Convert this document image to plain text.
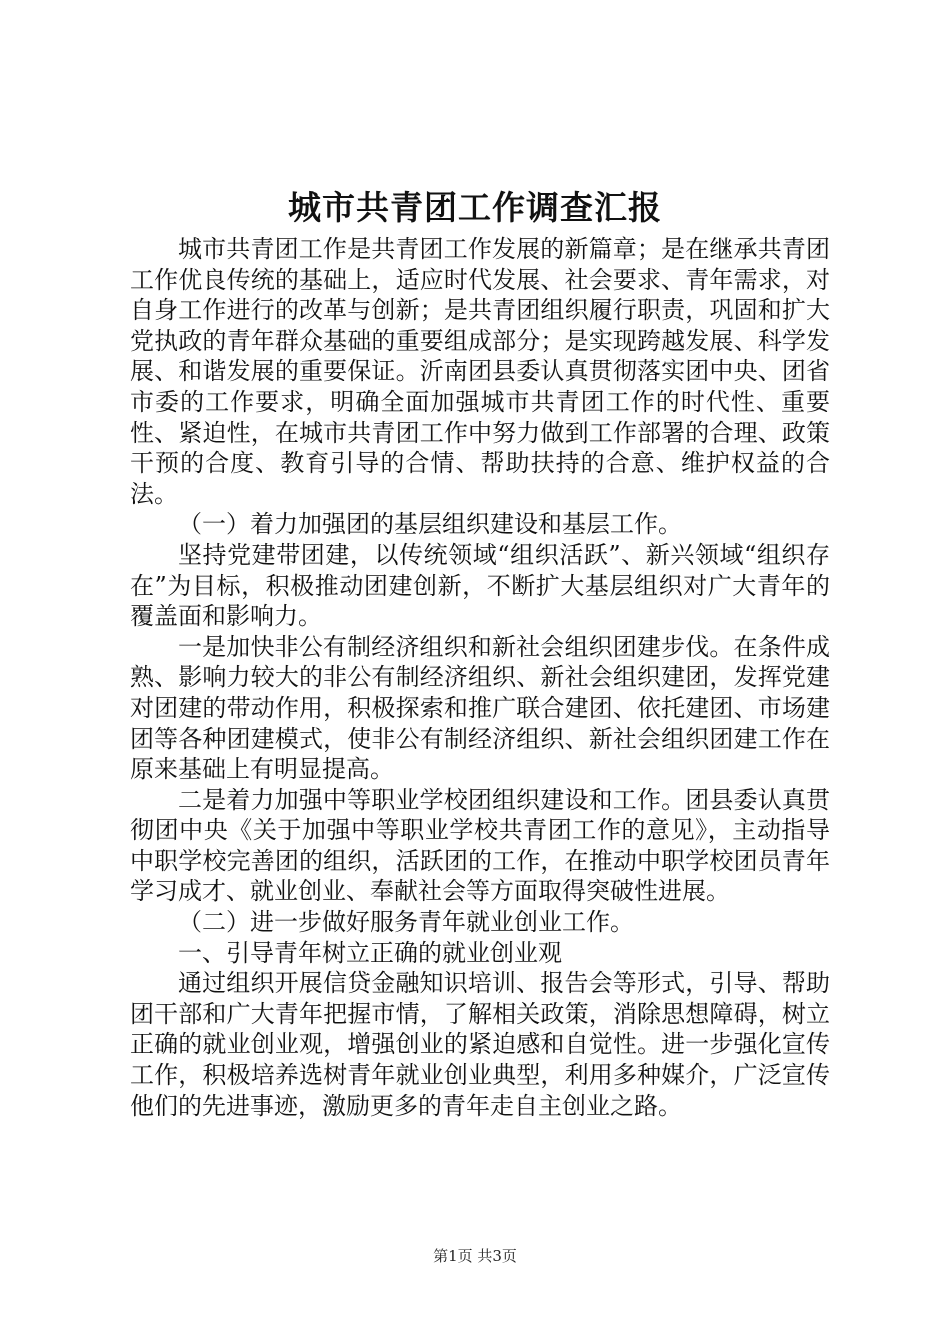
城市共青团工作调查汇报

城市共青团工作是共青团工作发展的新篇章；是在继承共青团工作优良传统的基础上，适应时代发展、社会要求、青年需求，对自身工作进行的改革与创新；是共青团组织履行职责，巩固和扩大党执政的青年群众基础的重要组成部分；是实现跨越发展、科学发展、和谐发展的重要保证。沂南团县委认真贯彻落实团中央、团省市委的工作要求，明确全面加强城市共青团工作的时代性、重要性、紧迫性，在城市共青团工作中努力做到工作部署的合理、政策干预的合度、教育引导的合情、帮助扶持的合意、维护权益的合法。

（一）着力加强团的基层组织建设和基层工作。

坚持党建带团建，以传统领域“组织活跃”、新兴领域“组织存在”为目标，积极推动团建创新，不断扩大基层组织对广大青年的覆盖面和影响力。

一是加快非公有制经济组织和新社会组织团建步伐。在条件成熟、影响力较大的非公有制经济组织、新社会组织建团，发挥党建对团建的带动作用，积极探索和推广联合建团、依托建团、市场建团等各种团建模式，使非公有制经济组织、新社会组织团建工作在原来基础上有明显提高。

二是着力加强中等职业学校团组织建设和工作。团县委认真贯彻团中央《关于加强中等职业学校共青团工作的意见》，主动指导中职学校完善团的组织，活跃团的工作，在推动中职学校团员青年学习成才、就业创业、奉献社会等方面取得突破性进展。

（二）进一步做好服务青年就业创业工作。

一、引导青年树立正确的就业创业观

通过组织开展信贷金融知识培训、报告会等形式，引导、帮助团干部和广大青年把握市情，了解相关政策，消除思想障碍，树立正确的就业创业观，增强创业的紧迫感和自觉性。进一步强化宣传工作，积极培养选树青年就业创业典型，利用多种媒介，广泛宣传他们的先进事迹，激励更多的青年走自主创业之路。

第1页 共3页
